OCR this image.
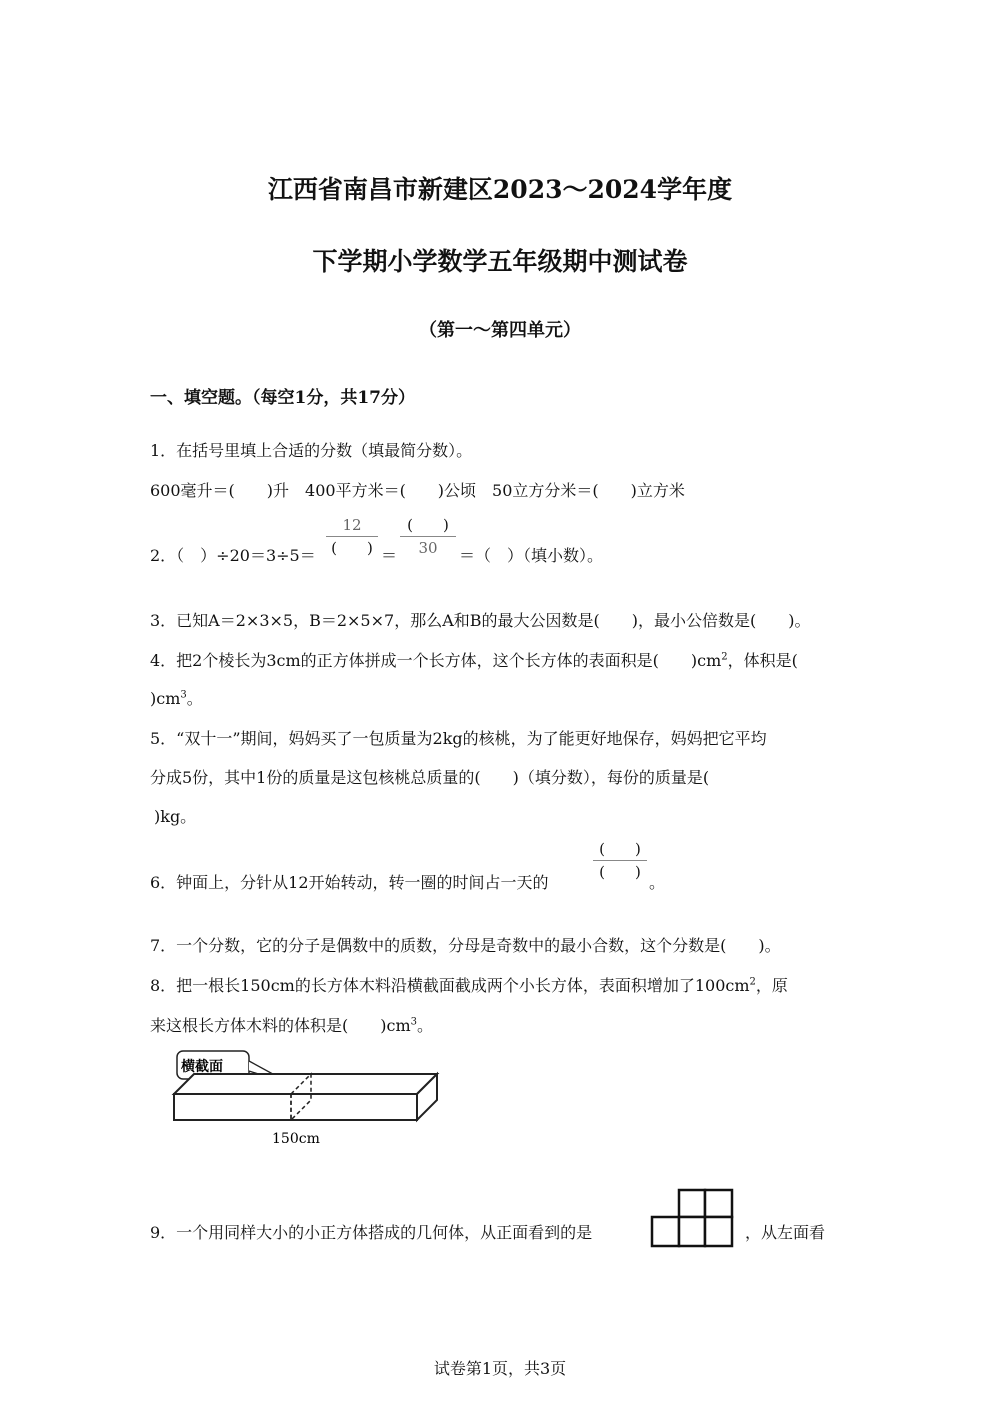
江西省南昌市新建区2023～2024学年度
下学期小学数学五年级期中测试卷
（第一～第四单元）
一、填空题。（每空1分，共17分）
1．在括号里填上合适的分数（填最简分数）。
600毫升＝(　　)升　400平方米＝(　　)公顷　50立方分米＝(　　)立方米
2．（　）÷20＝3÷5＝
12
(　　) ＝
(　　)
30	＝（　）（填小数）。
3．已知A＝2×3×5，B＝2×5×7，那么A和B的最大公因数是(　　)，最小公倍数是(　　)。
4．把2个棱长为3cm的正方体拼成一个长方体，这个长方体的表面积是(　　)$cm^2$，体积是(
)$cm^3$。
5．“双十一”期间，妈妈买了一包质量为2kg的核桃，为了能更好地保存，妈妈把它平均
分成5份，其中1份的质量是这包核桃总质量的(　　)（填分数），每份的质量是(
)kg。
6．钟面上，分针从12开始转动，转一圈的时间占一天的
(　　)
(　　)
。
7．一个分数，它的分子是偶数中的质数，分母是奇数中的最小合数，这个分数是(　　)。
8．把一根长150cm的长方体木料沿横截面截成两个小长方体，表面积增加了$100cm^2$，原
来这根长方体木料的体积是(　　)$cm^3$。
横截面
150cm
9．一个用同样大小的小正方体搭成的几何体，从正面看到的是	，从左面看
试卷第1页，共3页
